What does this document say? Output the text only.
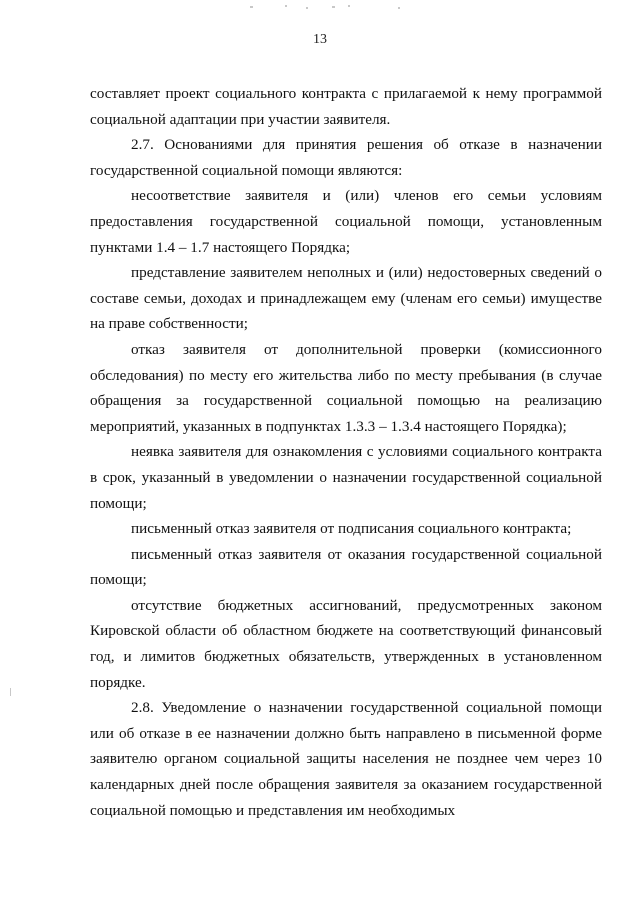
13

составляет проект социального контракта с прилагаемой к нему программой социальной адаптации при участии заявителя.

2.7. Основаниями для принятия решения об отказе в назначении государственной социальной помощи являются:

несоответствие заявителя и (или) членов его семьи условиям предоставления государственной социальной помощи, установленным пунктами 1.4 – 1.7 настоящего Порядка;

представление заявителем неполных и (или) недостоверных сведений о составе семьи, доходах и принадлежащем ему (членам его семьи) имуществе на праве собственности;

отказ заявителя от дополнительной проверки (комиссионного обследования) по месту его жительства либо по месту пребывания (в случае обращения за государственной социальной помощью на реализацию мероприятий, указанных в подпунктах 1.3.3 – 1.3.4 настоящего Порядка);

неявка заявителя для ознакомления с условиями социального контракта в срок, указанный в уведомлении о назначении государственной социальной помощи;

письменный отказ заявителя от подписания социального контракта;

письменный отказ заявителя от оказания государственной социальной помощи;

отсутствие бюджетных ассигнований, предусмотренных законом Кировской области об областном бюджете на соответствующий финансовый год, и лимитов бюджетных обязательств, утвержденных в установленном порядке.

2.8. Уведомление о назначении государственной социальной помощи или об отказе в ее назначении должно быть направлено в письменной форме заявителю органом социальной защиты населения не позднее чем через 10 календарных дней после обращения заявителя за оказанием государственной социальной помощью и представления им необходимых
